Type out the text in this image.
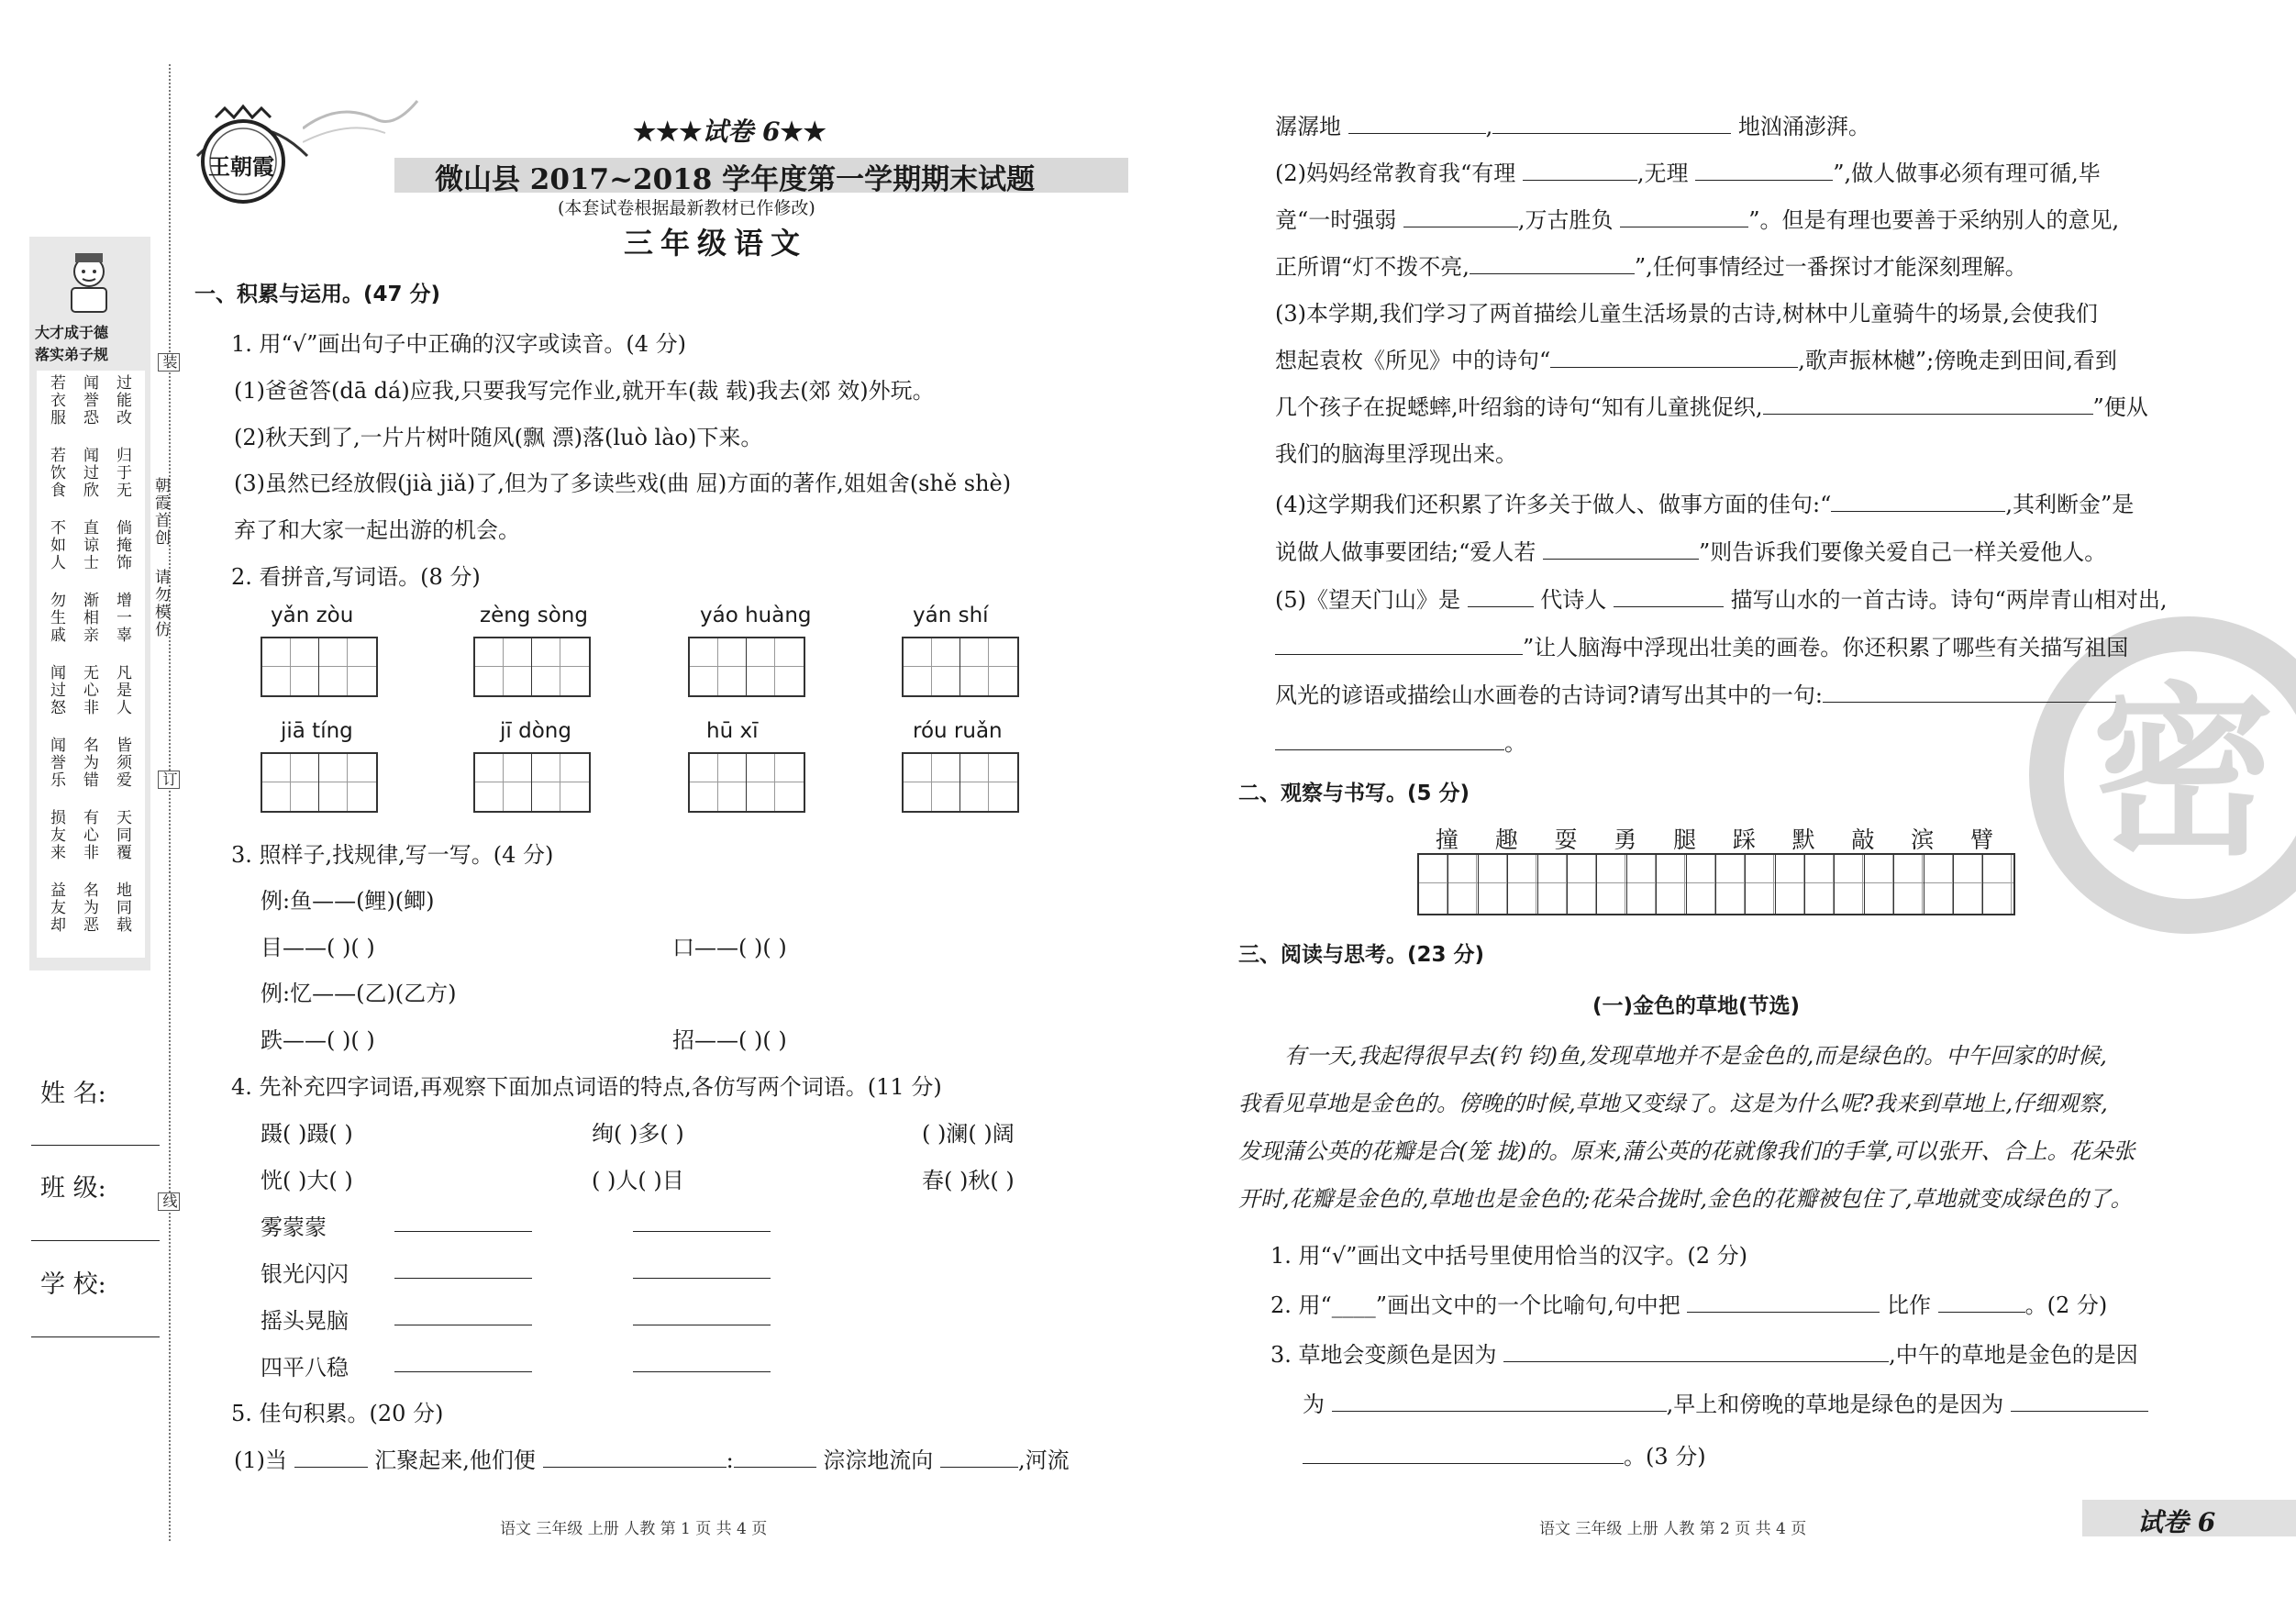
大才成于德
落实弟子规
过能改
闻誉恐
若衣服
归于无
闻过欣
若饮食
倘掩饰
直谅士
不如人
增一辜
渐相亲
勿生戚
凡是人
无心非
闻过怒
皆须爱
名为错
闻誉乐
天同覆
有心非
损友来
地同载
名为恶
益友却
装
朝霞首创
请勿模仿
订
线
姓 名:
班 级:
学 校:
王朝霞
★★★试卷 6★★
微山县 2017~2018 学年度第一学期期末试题
(本套试卷根据最新教材已作修改)
三年级语文
一、积累与运用。(47 分)
1. 用“√”画出句子中正确的汉字或读音。(4 分)
(1)爸爸答(dā dá)应我,只要我写完作业,就开车(裁 载)我去(郊 效)外玩。
(2)秋天到了,一片片树叶随风(飘 漂)落(luò lào)下来。
(3)虽然已经放假(jià jiǎ)了,但为了多读些戏(曲 屈)方面的著作,姐姐舍(shě shè)
弃了和大家一起出游的机会。
2. 看拼音,写词语。(8 分)
yǎn zòu	zèng sòng	yáo huàng	yán shí
jiā tíng	jī dòng	hū xī	róu ruǎn
3. 照样子,找规律,写一写。(4 分)
例:鱼——(鲤)(鲫)
目——( )( )	口——( )( )
例:忆——(乙)(乙方)
跌——( )( )	招——( )( )
4. 先补充四字词语,再观察下面加点词语的特点,各仿写两个词语。(11 分)
蹑( )蹑( )	绚( )多( )	( )澜( )阔
恍( )大( )	( )人( )目	春( )秋( )
雾蒙蒙
银光闪闪
摇头晃脑
四平八稳
5. 佳句积累。(20 分)
(1)当	汇聚起来,他们便	:	淙淙地流向	,河流
语文 三年级 上册 人教 第 1 页 共 4 页
密
潺潺地	,	地汹涌澎湃。
(2)妈妈经常教育我“有理	,无理	”,做人做事必须有理可循,毕
竟“一时强弱	,万古胜负	”。但是有理也要善于采纳别人的意见,
正所谓“灯不拨不亮,	”,任何事情经过一番探讨才能深刻理解。
(3)本学期,我们学习了两首描绘儿童生活场景的古诗,树林中儿童骑牛的场景,会使我们
想起袁枚《所见》中的诗句“	,歌声振林樾”;傍晚走到田间,看到
几个孩子在捉蟋蟀,叶绍翁的诗句“知有儿童挑促织,	”便从
我们的脑海里浮现出来。
(4)这学期我们还积累了许多关于做人、做事方面的佳句:“	,其利断金”是
说做人做事要团结;“爱人若	”则告诉我们要像关爱自己一样关爱他人。
(5)《望天门山》是	代诗人	描写山水的一首古诗。诗句“两岸青山相对出,
”让人脑海中浮现出壮美的画卷。你还积累了哪些有关描写祖国
风光的谚语或描绘山水画卷的古诗词?请写出其中的一句:
。
二、观察与书写。(5 分)
撞 趣 耍 勇 腿 踩 默 敲 滨 臂
三、阅读与思考。(23 分)
(一)金色的草地(节选)
有一天,我起得很早去(钓 钧)鱼,发现草地并不是金色的,而是绿色的。中午回家的时候,
我看见草地是金色的。傍晚的时候,草地又变绿了。这是为什么呢?我来到草地上,仔细观察,
发现蒲公英的花瓣是合(笼 拢)的。原来,蒲公英的花就像我们的手掌,可以张开、合上。花朵张
开时,花瓣是金色的,草地也是金色的;花朵合拢时,金色的花瓣被包住了,草地就变成绿色的了。
1. 用“√”画出文中括号里使用恰当的汉字。(2 分)
2. 用“____”画出文中的一个比喻句,句中把	比作	。(2 分)
3. 草地会变颜色是因为	,中午的草地是金色的是因
为	,早上和傍晚的草地是绿色的是因为
。(3 分)
语文 三年级 上册 人教 第 2 页 共 4 页	试卷 6
